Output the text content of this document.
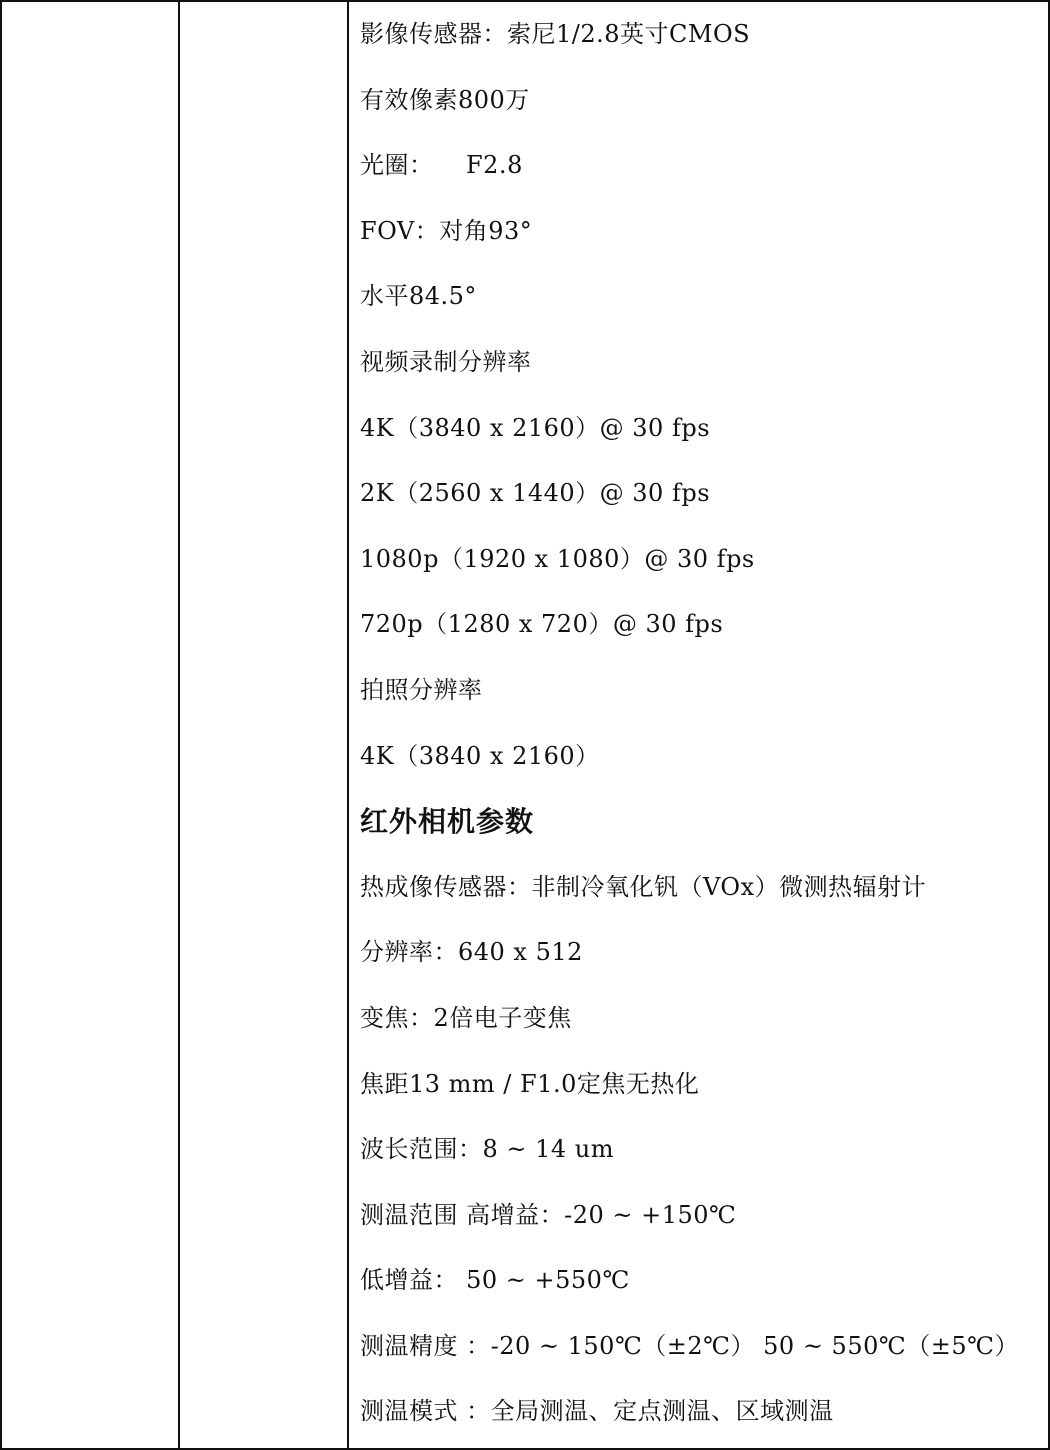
影像传感器：索尼1/2.8英寸CMOS
有效像素800万
光圈：    F2.8
FOV：对角93°
水平84.5°
视频录制分辨率
4K（3840 x 2160）@ 30 fps
2K（2560 x 1440）@ 30 fps
1080p（1920 x 1080）@ 30 fps
720p（1280 x 720）@ 30 fps
拍照分辨率
4K（3840 x 2160）
红外相机参数
热成像传感器：非制冷氧化钒（VOx）微测热辐射计
分辨率：640 x 512
变焦：2倍电子变焦
焦距13 mm / F1.0定焦无热化
波长范围：8 ~ 14 um
测温范围 高增益：-20 ~ +150℃
低增益： 50 ~ +550℃
测温精度 ：-20 ~ 150℃（±2℃） 50 ~ 550℃（±5℃）
测温模式 ：全局测温、定点测温、区域测温
